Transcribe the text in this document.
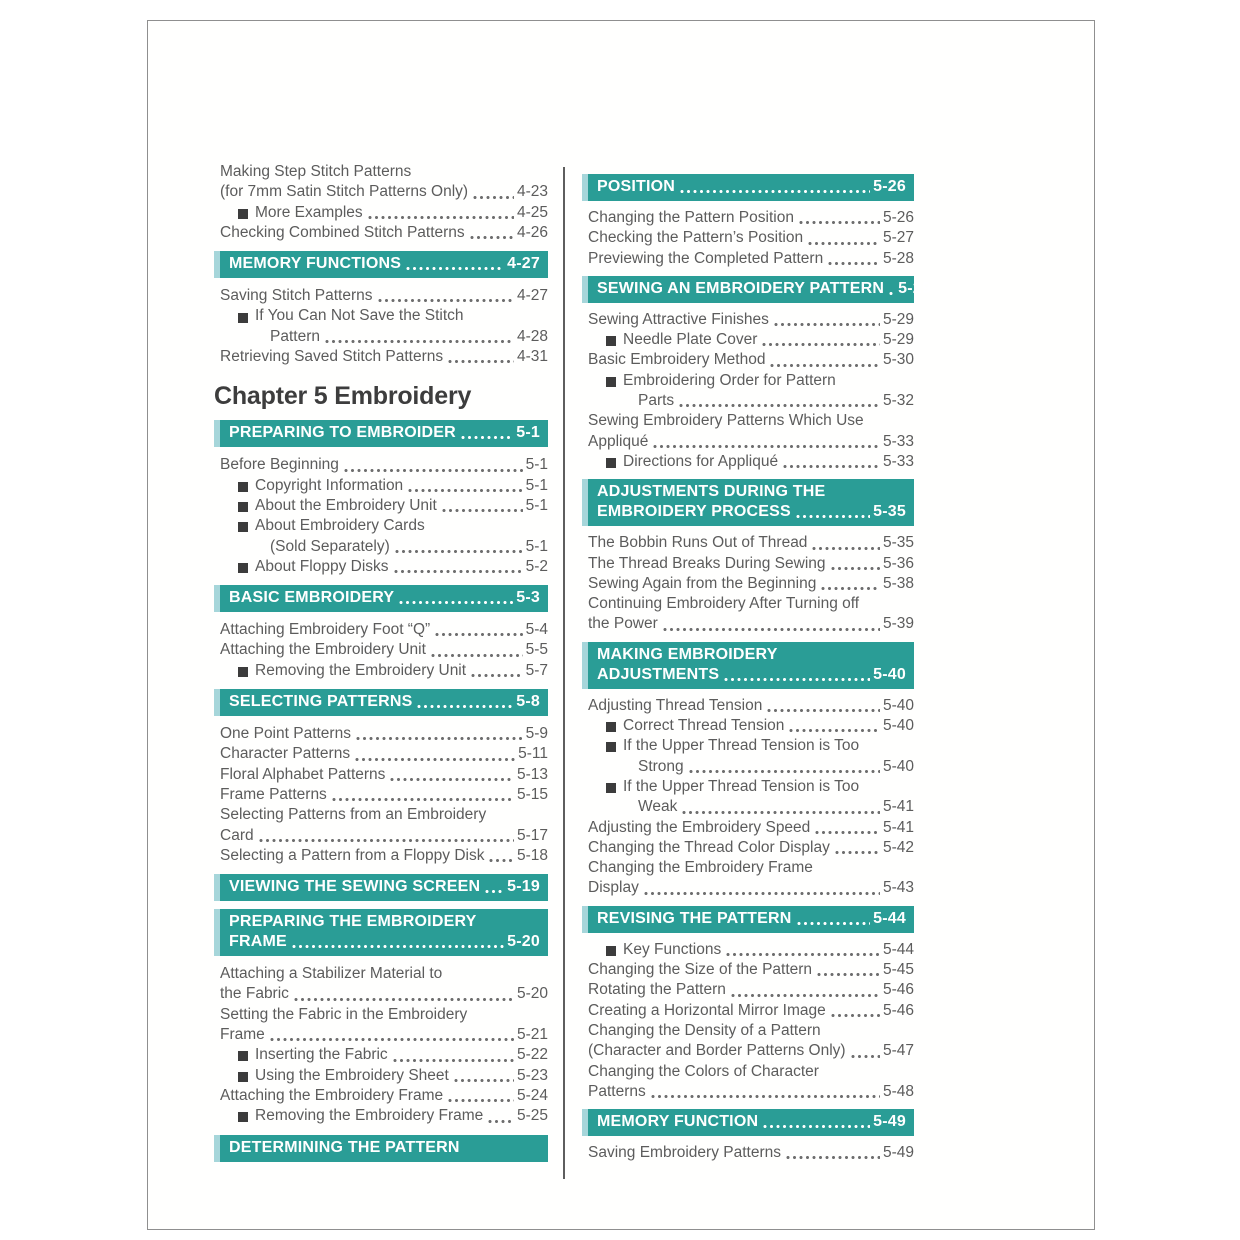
Making Step Stitch Patterns
(for 7mm Satin Stitch Patterns Only)	4-23
More Examples	4-25
Checking Combined Stitch Patterns	4-26
MEMORY FUNCTIONS	4-27
Saving Stitch Patterns	4-27
If You Can Not Save the Stitch
Pattern	4-28
Retrieving Saved Stitch Patterns	4-31
Chapter 5 Embroidery
PREPARING TO EMBROIDER	5-1
Before Beginning	5-1
Copyright Information	5-1
About the Embroidery Unit	5-1
About Embroidery Cards
(Sold Separately)	5-1
About Floppy Disks	5-2
BASIC EMBROIDERY	5-3
Attaching Embroidery Foot “Q”	5-4
Attaching the Embroidery Unit	5-5
Removing the Embroidery Unit	5-7
SELECTING PATTERNS	5-8
One Point Patterns	5-9
Character Patterns	5-11
Floral Alphabet Patterns	5-13
Frame Patterns	5-15
Selecting Patterns from an Embroidery
Card	5-17
Selecting a Pattern from a Floppy Disk 5-18
VIEWING THE SEWING SCREEN 5-19
PREPARING THE EMBROIDERY
FRAME	5-20
Attaching a Stabilizer Material to
the Fabric	5-20
Setting the Fabric in the Embroidery
Frame	5-21
Inserting the Fabric	5-22
Using the Embroidery Sheet	5-23
Attaching the Embroidery Frame	5-24
Removing the Embroidery Frame 5-25
DETERMINING THE PATTERN
POSITION	5-26
Changing the Pattern Position	5-26
Checking the Pattern’s Position	5-27
Previewing the Completed Pattern	5-28
SEWING AN EMBROIDERY PATTERN 5-29
Sewing Attractive Finishes	5-29
Needle Plate Cover	5-29
Basic Embroidery Method	5-30
Embroidering Order for Pattern
Parts	5-32
Sewing Embroidery Patterns Which Use
Appliqué	5-33
Directions for Appliqué	5-33
ADJUSTMENTS DURING THE
EMBROIDERY PROCESS	5-35
The Bobbin Runs Out of Thread	5-35
The Thread Breaks During Sewing	5-36
Sewing Again from the Beginning	5-38
Continuing Embroidery After Turning off
the Power	5-39
MAKING EMBROIDERY
ADJUSTMENTS	5-40
Adjusting Thread Tension	5-40
Correct Thread Tension	5-40
If the Upper Thread Tension is Too
Strong	5-40
If the Upper Thread Tension is Too
Weak	5-41
Adjusting the Embroidery Speed	5-41
Changing the Thread Color Display	5-42
Changing the Embroidery Frame
Display	5-43
REVISING THE PATTERN	5-44
Key Functions	5-44
Changing the Size of the Pattern	5-45
Rotating the Pattern	5-46
Creating a Horizontal Mirror Image	5-46
Changing the Density of a Pattern
(Character and Border Patterns Only) 5-47
Changing the Colors of Character
Patterns	5-48
MEMORY FUNCTION	5-49
Saving Embroidery Patterns	5-49
